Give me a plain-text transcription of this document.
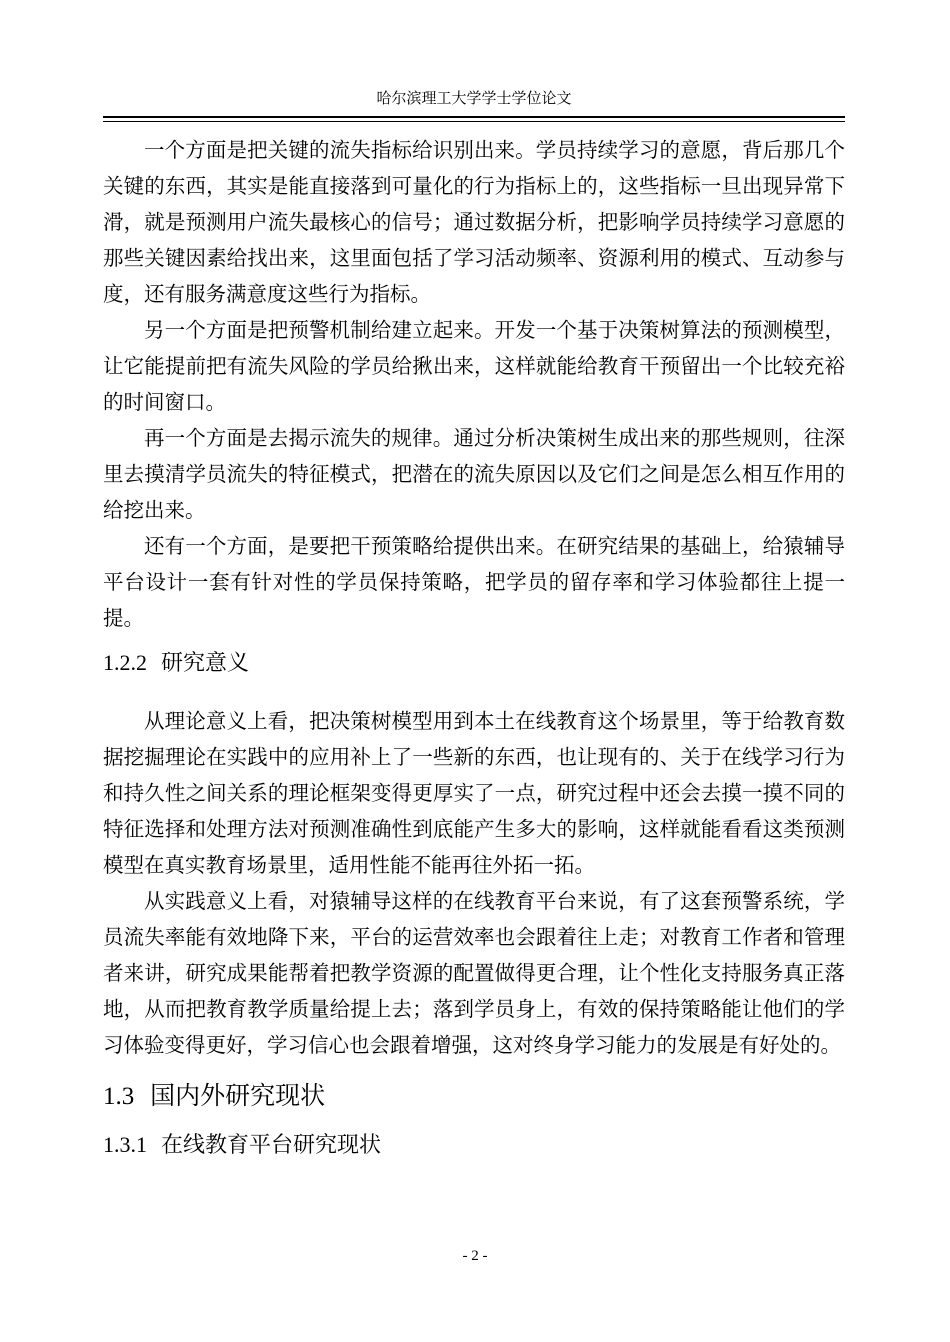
哈尔滨理工大学学士学位论文

一个方面是把关键的流失指标给识别出来。学员持续学习的意愿，背后那几个关键的东西，其实是能直接落到可量化的行为指标上的，这些指标一旦出现异常下滑，就是预测用户流失最核心的信号；通过数据分析，把影响学员持续学习意愿的那些关键因素给找出来，这里面包括了学习活动频率、资源利用的模式、互动参与度，还有服务满意度这些行为指标。

另一个方面是把预警机制给建立起来。开发一个基于决策树算法的预测模型，让它能提前把有流失风险的学员给揪出来，这样就能给教育干预留出一个比较充裕的时间窗口。

再一个方面是去揭示流失的规律。通过分析决策树生成出来的那些规则，往深里去摸清学员流失的特征模式，把潜在的流失原因以及它们之间是怎么相互作用的给挖出来。

还有一个方面，是要把干预策略给提供出来。在研究结果的基础上，给猿辅导平台设计一套有针对性的学员保持策略，把学员的留存率和学习体验都往上提一提。

1.2.2 研究意义

从理论意义上看，把决策树模型用到本土在线教育这个场景里，等于给教育数据挖掘理论在实践中的应用补上了一些新的东西，也让现有的、关于在线学习行为和持久性之间关系的理论框架变得更厚实了一点，研究过程中还会去摸一摸不同的特征选择和处理方法对预测准确性到底能产生多大的影响，这样就能看看这类预测模型在真实教育场景里，适用性能不能再往外拓一拓。

从实践意义上看，对猿辅导这样的在线教育平台来说，有了这套预警系统，学员流失率能有效地降下来，平台的运营效率也会跟着往上走；对教育工作者和管理者来讲，研究成果能帮着把教学资源的配置做得更合理，让个性化支持服务真正落地，从而把教育教学质量给提上去；落到学员身上，有效的保持策略能让他们的学习体验变得更好，学习信心也会跟着增强，这对终身学习能力的发展是有好处的。

1.3 国内外研究现状
1.3.1 在线教育平台研究现状
- 2 -
